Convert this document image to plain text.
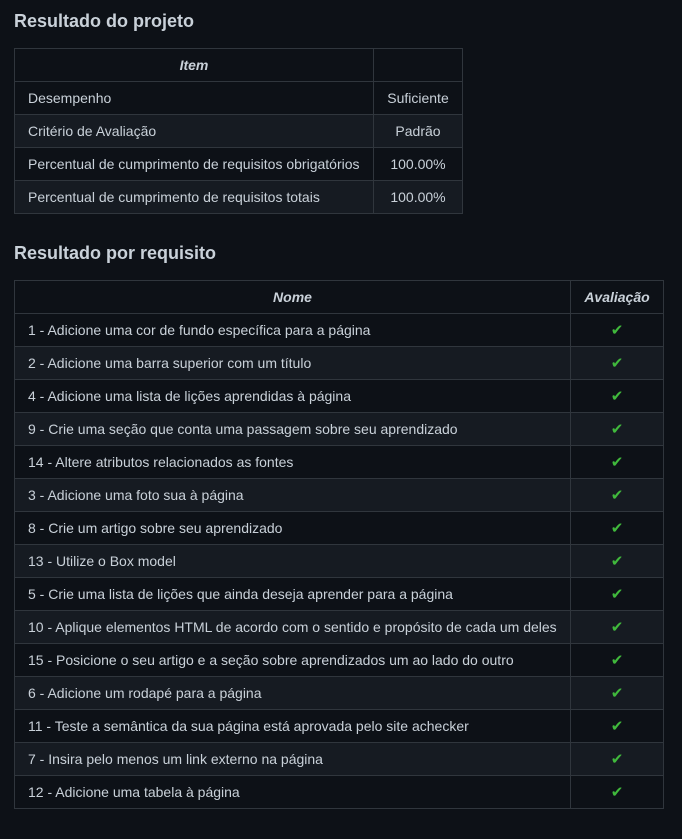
Resultado do projeto
Item	
Desempenho	Suficiente
Critério de Avaliação	Padrão
Percentual de cumprimento de requisitos obrigatórios	100.00%
Percentual de cumprimento de requisitos totais	100.00%
Resultado por requisito
Nome	Avaliação
1 - Adicione uma cor de fundo específica para a página	✔
2 - Adicione uma barra superior com um título	✔
4 - Adicione uma lista de lições aprendidas à página	✔
9 - Crie uma seção que conta uma passagem sobre seu aprendizado	✔
14 - Altere atributos relacionados as fontes	✔
3 - Adicione uma foto sua à página	✔
8 - Crie um artigo sobre seu aprendizado	✔
13 - Utilize o Box model	✔
5 - Crie uma lista de lições que ainda deseja aprender para a página	✔
10 - Aplique elementos HTML de acordo com o sentido e propósito de cada um deles	✔
15 - Posicione o seu artigo e a seção sobre aprendizados um ao lado do outro	✔
6 - Adicione um rodapé para a página	✔
11 - Teste a semântica da sua página está aprovada pelo site achecker	✔
7 - Insira pelo menos um link externo na página	✔
12 - Adicione uma tabela à página	✔
